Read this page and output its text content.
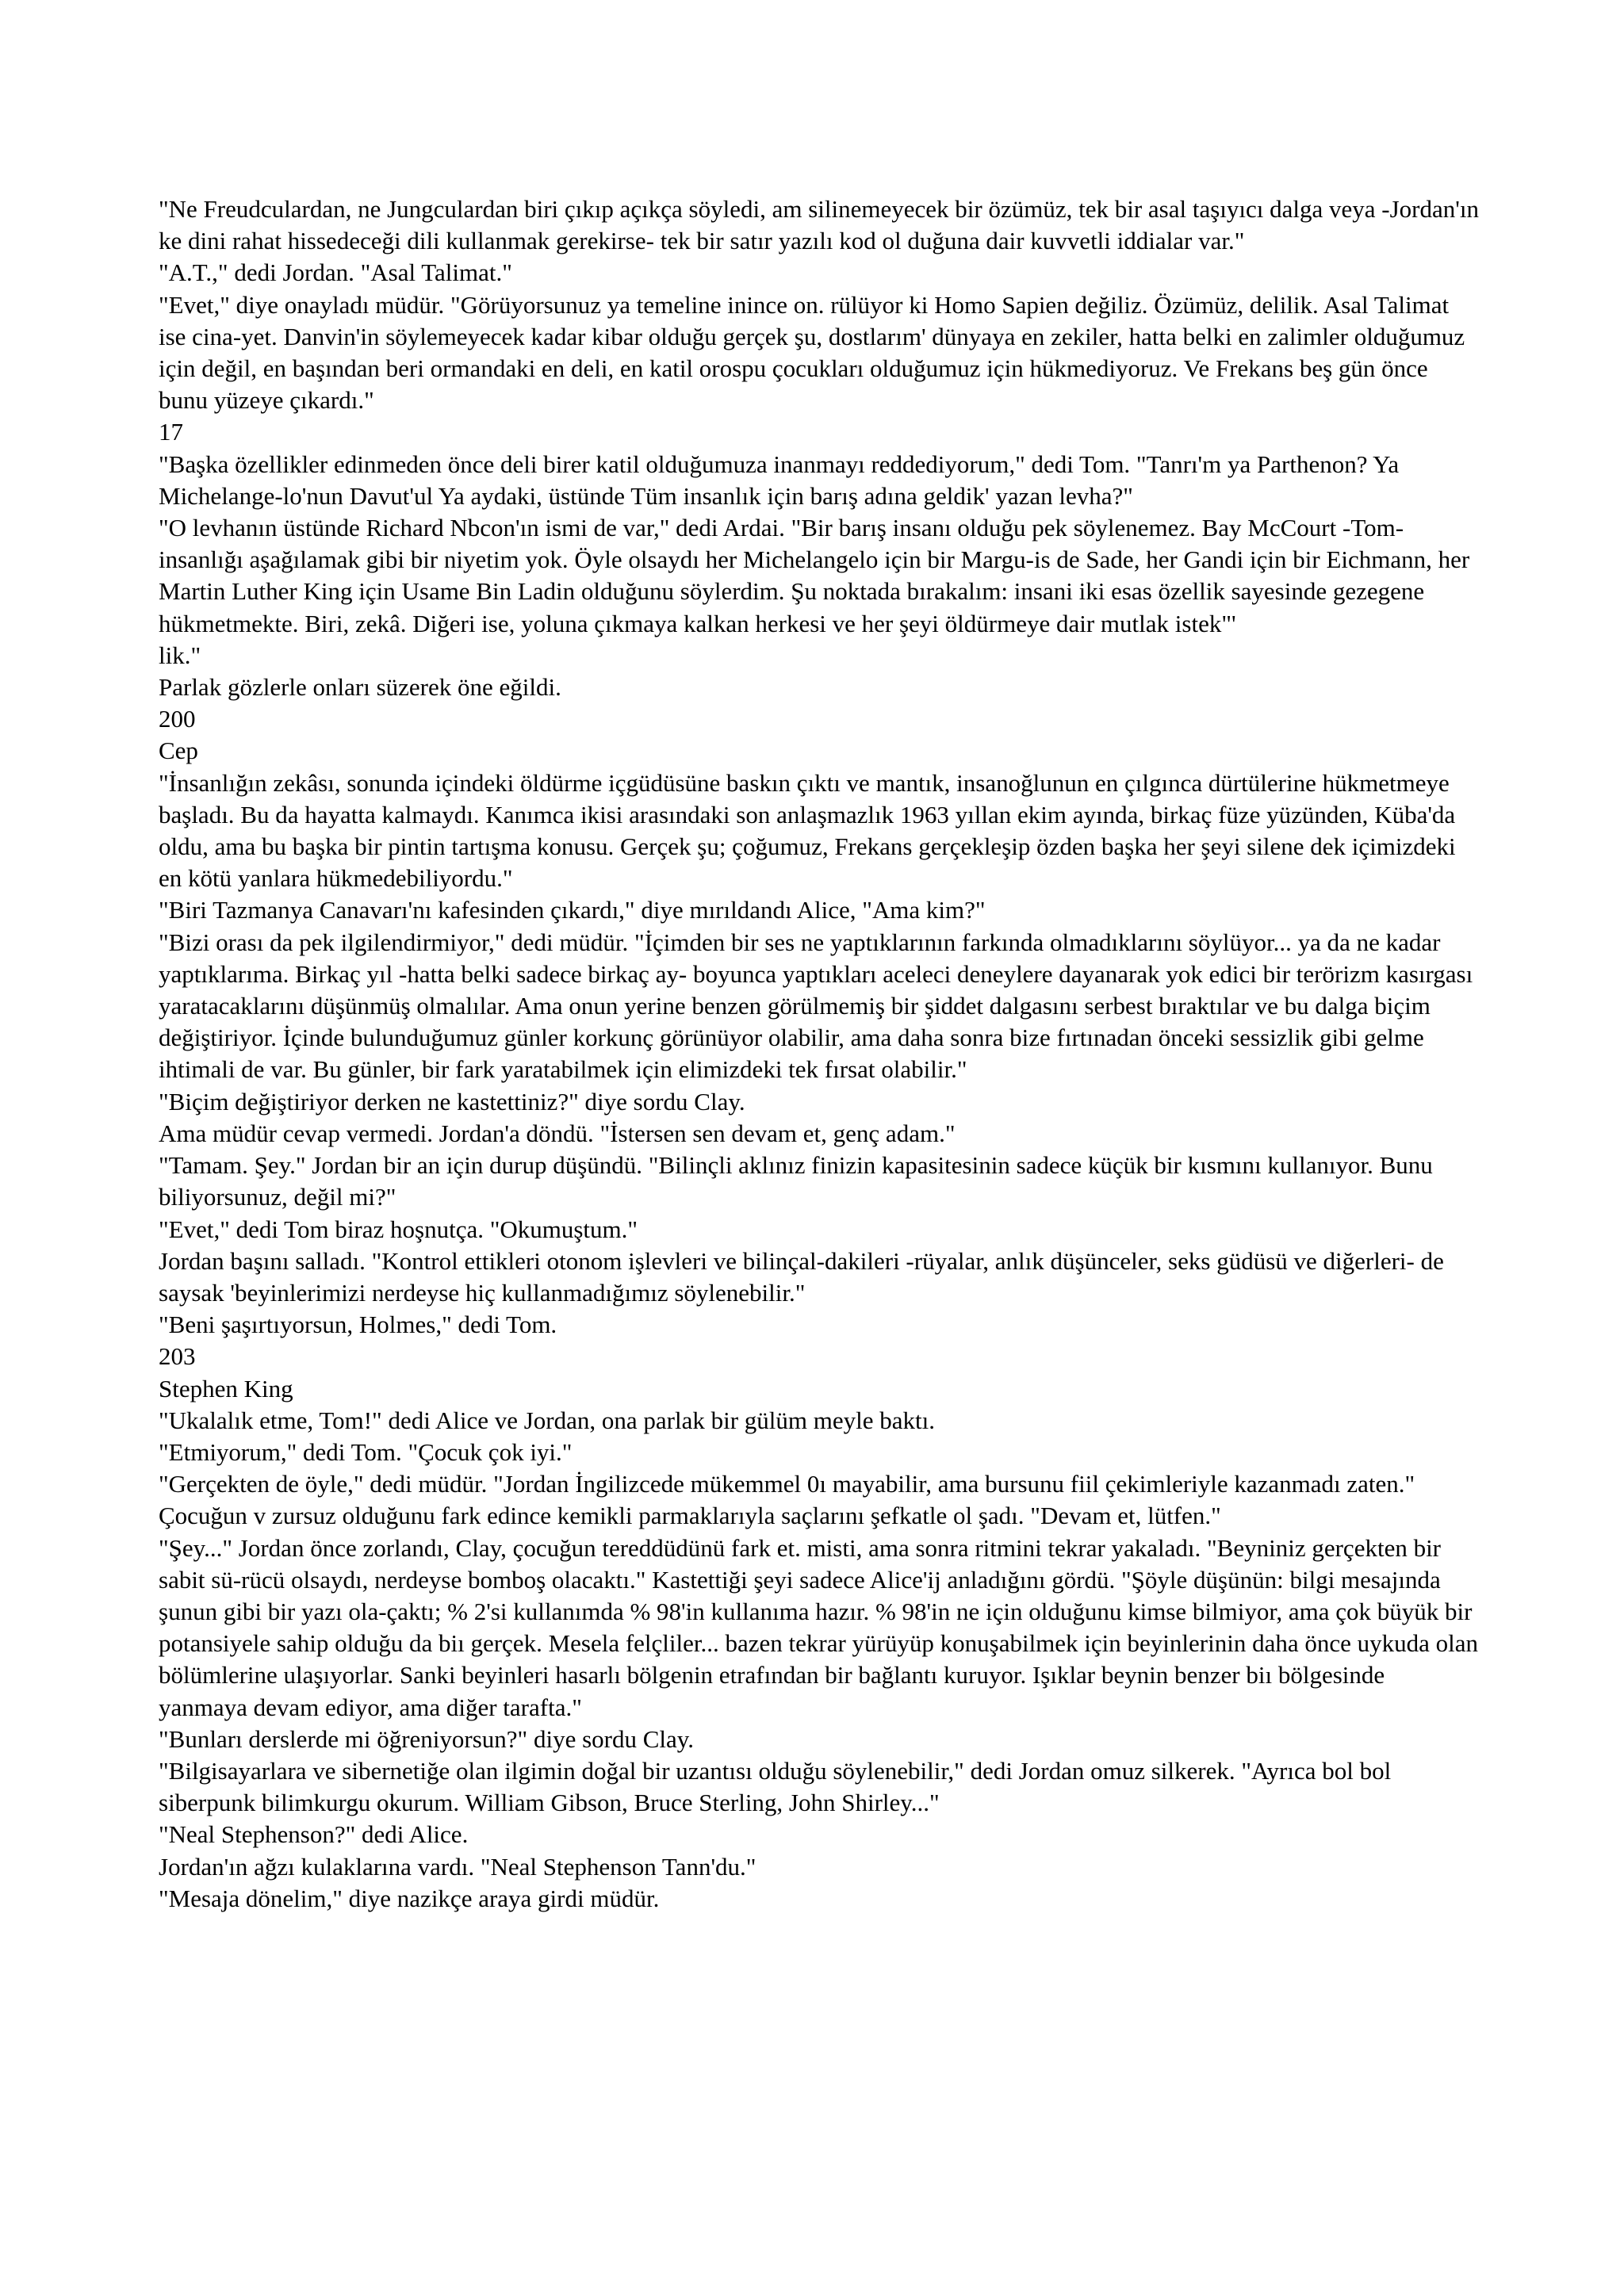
"Ne Freudculardan, ne Jungculardan biri çıkıp açıkça söyledi, am silinemeyecek bir özümüz, tek bir asal taşıyıcı dalga veya -Jordan'ın ke dini rahat hissedeceği dili kullanmak gerekirse- tek bir satır yazılı kod ol duğuna dair kuvvetli iddialar var."

"A.T.," dedi Jordan. "Asal Talimat."

"Evet," diye onayladı müdür. "Görüyorsunuz ya temeline inince on. rülüyor ki Homo Sapien değiliz. Özümüz, delilik. Asal Talimat ise cina-yet. Danvin'in söylemeyecek kadar kibar olduğu gerçek şu, dostlarım' dünyaya en zekiler, hatta belki en zalimler olduğumuz için değil, en başından beri ormandaki en deli, en katil orospu çocukları olduğumuz için hükmediyoruz. Ve Frekans beş gün önce bunu yüzeye çıkardı."

17

"Başka özellikler edinmeden önce deli birer katil olduğumuza inanmayı reddediyorum," dedi Tom. "Tanrı'm ya Parthenon? Ya Michelange-lo'nun Davut'ul Ya aydaki, üstünde Tüm insanlık için barış adına geldik' yazan levha?"

"O levhanın üstünde Richard Nbcon'ın ismi de var," dedi Ardai. "Bir barış insanı olduğu pek söylenemez. Bay McCourt -Tom- insanlığı aşağılamak gibi bir niyetim yok. Öyle olsaydı her Michelangelo için bir Margu-is de Sade, her Gandi için bir Eichmann, her Martin Luther King için Usame Bin Ladin olduğunu söylerdim. Şu noktada bırakalım: insani iki esas özellik sayesinde gezegene hükmetmekte. Biri, zekâ. Diğeri ise, yoluna çıkmaya kalkan herkesi ve her şeyi öldürmeye dair mutlak istek"'

lik."

Parlak gözlerle onları süzerek öne eğildi.

200

Cep

"İnsanlığın zekâsı, sonunda içindeki öldürme içgüdüsüne baskın çıktı ve mantık, insanoğlunun en çılgınca dürtülerine hükmetmeye başladı. Bu da hayatta kalmaydı. Kanımca ikisi arasındaki son anlaşmazlık 1963 yıllan ekim ayında, birkaç füze yüzünden, Küba'da oldu, ama bu başka bir pintin tartışma konusu. Gerçek şu; çoğumuz, Frekans gerçekleşip özden başka her şeyi silene dek içimizdeki en kötü yanlara hükmedebiliyordu."

"Biri Tazmanya Canavarı'nı kafesinden çıkardı," diye mırıldandı Alice, "Ama kim?"

"Bizi orası da pek ilgilendirmiyor," dedi müdür. "İçimden bir ses ne yaptıklarının farkında olmadıklarını söylüyor... ya da ne kadar yaptıklarıma. Birkaç yıl -hatta belki sadece birkaç ay- boyunca yaptıkları aceleci deneylere dayanarak yok edici bir terörizm kasırgası yaratacaklarını düşünmüş olmalılar. Ama onun yerine benzen görülmemiş bir şiddet dalgasını serbest bıraktılar ve bu dalga biçim değiştiriyor. İçinde bulunduğumuz günler korkunç görünüyor olabilir, ama daha sonra bize fırtınadan önceki sessizlik gibi gelme ihtimali de var. Bu günler, bir fark yaratabilmek için elimizdeki tek fırsat olabilir."

"Biçim değiştiriyor derken ne kastettiniz?" diye sordu Clay.

Ama müdür cevap vermedi. Jordan'a döndü. "İstersen sen devam et, genç adam."

"Tamam. Şey." Jordan bir an için durup düşündü. "Bilinçli aklınız finizin kapasitesinin sadece küçük bir kısmını kullanıyor. Bunu biliyorsunuz, değil mi?"

"Evet," dedi Tom biraz hoşnutça. "Okumuştum."

Jordan başını salladı. "Kontrol ettikleri otonom işlevleri ve bilinçal-dakileri -rüyalar, anlık düşünceler, seks güdüsü ve diğerleri- de saysak 'beyinlerimizi nerdeyse hiç kullanmadığımız söylenebilir."

"Beni şaşırtıyorsun, Holmes," dedi Tom.

203

Stephen King

"Ukalalık etme, Tom!" dedi Alice ve Jordan, ona parlak bir gülüm meyle baktı.

"Etmiyorum," dedi Tom. "Çocuk çok iyi."

"Gerçekten de öyle," dedi müdür. "Jordan İngilizcede mükemmel 0ı mayabilir, ama bursunu fiil çekimleriyle kazanmadı zaten." Çocuğun v zursuz olduğunu fark edince kemikli parmaklarıyla saçlarını şefkatle ol şadı. "Devam et, lütfen."

"Şey..." Jordan önce zorlandı, Clay, çocuğun tereddüdünü fark et. misti, ama sonra ritmini tekrar yakaladı. "Beyniniz gerçekten bir sabit sü-rücü olsaydı, nerdeyse bomboş olacaktı." Kastettiği şeyi sadece Alice'ij anladığını gördü. "Şöyle düşünün: bilgi mesajında şunun gibi bir yazı ola-çaktı; % 2'si kullanımda % 98'in kullanıma hazır. % 98'in ne için olduğunu kimse bilmiyor, ama çok büyük bir potansiyele sahip olduğu da biı gerçek. Mesela felçliler... bazen tekrar yürüyüp konuşabilmek için beyinlerinin daha önce uykuda olan bölümlerine ulaşıyorlar. Sanki beyinleri hasarlı bölgenin etrafından bir bağlantı kuruyor. Işıklar beynin benzer biı bölgesinde yanmaya devam ediyor, ama diğer tarafta."

"Bunları derslerde mi öğreniyorsun?" diye sordu Clay.

"Bilgisayarlara ve sibernetiğe olan ilgimin doğal bir uzantısı olduğu söylenebilir," dedi Jordan omuz silkerek. "Ayrıca bol bol siberpunk bilimkurgu okurum. William Gibson, Bruce Sterling, John Shirley..."

"Neal Stephenson?" dedi Alice.

Jordan'ın ağzı kulaklarına vardı. "Neal Stephenson Tann'du."

"Mesaja dönelim," diye nazikçe araya girdi müdür.
